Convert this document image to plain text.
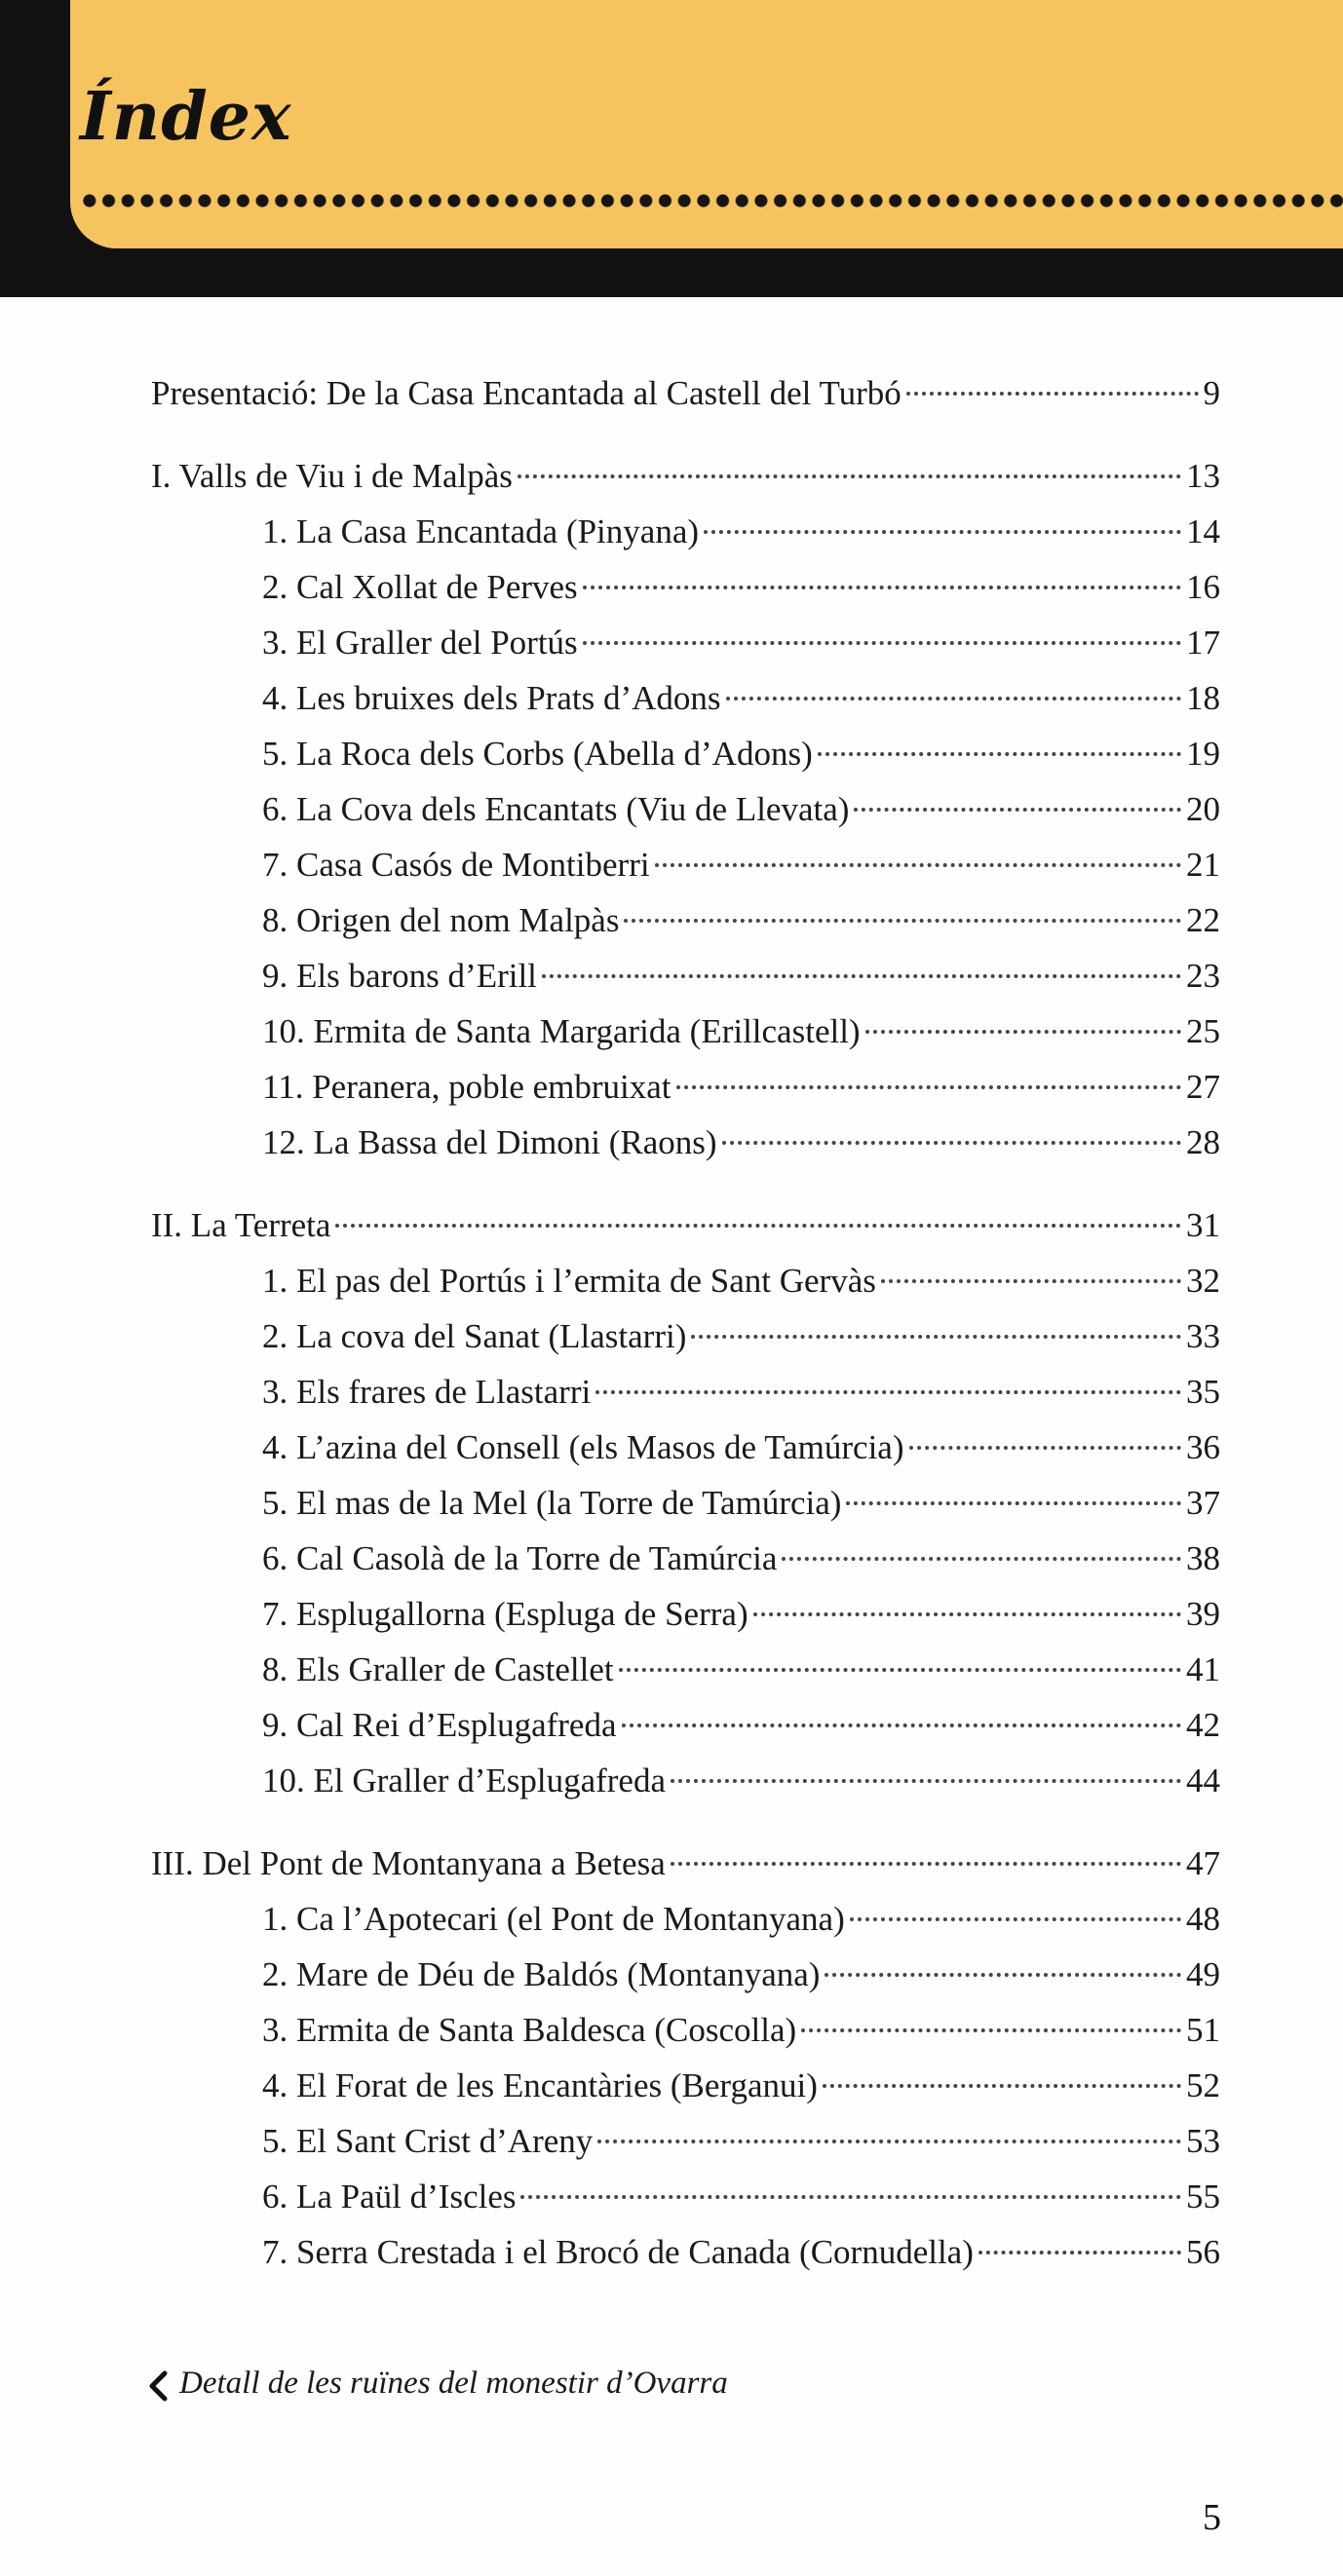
Índex
Presentació: De la Casa Encantada al Castell del Turbó	9
I. Valls de Viu i de Malpàs	13
1. La Casa Encantada (Pinyana)	14
2. Cal Xollat de Perves	16
3. El Graller del Portús	17
4. Les bruixes dels Prats d’Adons	18
5. La Roca dels Corbs (Abella d’Adons)	19
6. La Cova dels Encantats (Viu de Llevata)	20
7. Casa Casós de Montiberri	21
8. Origen del nom Malpàs	22
9. Els barons d’Erill	23
10. Ermita de Santa Margarida (Erillcastell)	25
11. Peranera, poble embruixat	27
12. La Bassa del Dimoni (Raons)	28
II. La Terreta	31
1. El pas del Portús i l’ermita de Sant Gervàs	32
2. La cova del Sanat (Llastarri)	33
3. Els frares de Llastarri	35
4. L’azina del Consell (els Masos de Tamúrcia)	36
5. El mas de la Mel (la Torre de Tamúrcia)	37
6. Cal Casolà de la Torre de Tamúrcia	38
7. Esplugallorna (Espluga de Serra)	39
8. Els Graller de Castellet	41
9. Cal Rei d’Esplugafreda	42
10. El Graller d’Esplugafreda	44
III. Del Pont de Montanyana a Betesa	47
1. Ca l’Apotecari (el Pont de Montanyana)	48
2. Mare de Déu de Baldós (Montanyana)	49
3. Ermita de Santa Baldesca (Coscolla)	51
4. El Forat de les Encantàries (Berganui)	52
5. El Sant Crist d’Areny	53
6. La Paül d’Iscles	55
7. Serra Crestada i el Brocó de Canada (Cornudella)	56
Detall de les ruïnes del monestir d’Ovarra
5
